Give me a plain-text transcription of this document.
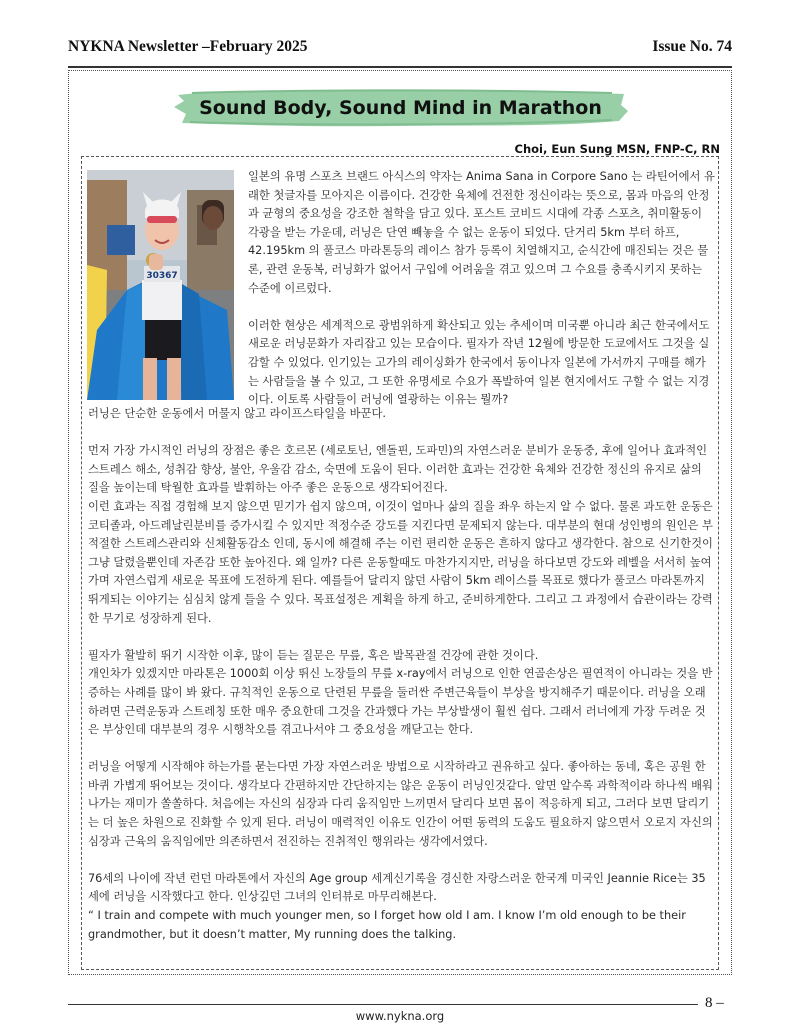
NYKNA Newsletter –February 2025	Issue No. 74
Sound Body, Sound Mind in Marathon
Choi, Eun Sung MSN, FNP-C, RN
30367

일본의 유명 스포츠 브랜드 아식스의 약자는 Anima Sana in Corpore Sano 는 라틴어에서 유래한 첫글자를 모아지은 이름이다. 건강한 육체에 건전한 정신이라는 뜻으로, 몸과 마음의 안정과 균형의 중요성을 강조한 철학을 담고 있다. 포스트 코비드 시대에 각종 스포츠, 취미활동이 각광을 받는 가운데, 러닝은 단연 빼놓을 수 없는 운동이 되었다. 단거리 5km 부터 하프, 42.195km 의 풀코스 마라톤등의 레이스 참가 등록이 치열해지고, 순식간에 매진되는 것은 물론, 관련 운동복, 러닝화가 없어서 구입에 어려움을 겪고 있으며 그 수요를 충족시키지 못하는 수준에 이르렀다.

이러한 현상은 세계적으로 광범위하게 확산되고 있는 추세이며 미국뿐 아니라 최근 한국에서도 새로운 러닝문화가 자리잡고 있는 모습이다. 필자가 작년 12월에 방문한 도쿄에서도 그것을 실감할 수 있었다. 인기있는 고가의 레이싱화가 한국에서 동이나자 일본에 가서까지 구매를 해가는 사람들을 볼 수 있고, 그 또한 유명세로 수요가 폭발하여 일본 현지에서도 구할 수 없는 지경이다. 이토록 사람들이 러닝에 열광하는 이유는 뭘까?

러닝은 단순한 운동에서 머물지 않고 라이프스타일을 바꾼다.

먼저 가장 가시적인 러닝의 장점은 좋은 호르몬 (세로토닌, 엔돌핀, 도파민)의 자연스러운 분비가 운동중, 후에 일어나 효과적인 스트레스 해소, 성취감 향상, 불안, 우울감 감소, 숙면에 도움이 된다. 이러한 효과는 건강한 육체와 건강한 정신의 유지로 삶의 질을 높이는데 탁월한 효과를 발휘하는 아주 좋은 운동으로 생각되어진다.

이런 효과는 직접 경험해 보지 않으면 믿기가 쉽지 않으며, 이것이 얼마나 삶의 질을 좌우 하는지 알 수 없다. 물론 과도한 운동은 코티졸과, 아드레날린분비를 증가시킬 수 있지만 적정수준 강도를 지킨다면 문제되지 않는다. 대부분의 현대 성인병의 원인은 부적절한 스트레스관리와 신체활동감소 인데, 동시에 해결해 주는 이런 편리한 운동은 흔하지 않다고 생각한다. 참으로 신기한것이 그냥 달렸을뿐인데 자존감 또한 높아진다. 왜 일까? 다른 운동할때도 마찬가지지만, 러닝을 하다보면 강도와 레벨을 서서히 높여가며 자연스럽게 새로운 목표에 도전하게 된다. 예를들어 달리지 않던 사람이 5km 레이스를 목표로 했다가 풀코스 마라톤까지 뛰게되는 이야기는 심심치 않게 들을 수 있다. 목표설정은 계획을 하게 하고, 준비하게한다. 그리고 그 과정에서 습관이라는 강력한 무기로 성장하게 된다.

필자가 활발히 뛰기 시작한 이후, 많이 듣는 질문은 무릎, 혹은 발목관절 건강에 관한 것이다.

개인차가 있겠지만 마라톤은 1000회 이상 뛰신 노장들의 무릎 x-ray에서 러닝으로 인한 연골손상은 필연적이 아니라는 것을 반증하는 사례를 많이 봐 왔다. 규칙적인 운동으로 단련된 무릎을 둘러싼 주변근육들이 부상을 방지해주기 때문이다. 러닝을 오래 하려면 근력운동과 스트레칭 또한 매우 중요한데 그것을 간과했다 가는 부상발생이 훨씬 쉽다. 그래서 러너에게 가장 두려운 것은 부상인데 대부분의 경우 시행착오를 겪고나서야 그 중요성을 깨닫고는 한다.

러닝을 어떻게 시작해야 하는가를 묻는다면 가장 자연스러운 방법으로 시작하라고 권유하고 싶다. 좋아하는 동네, 혹은 공원 한바퀴 가볍게 뛰어보는 것이다. 생각보다 간편하지만 간단하지는 않은 운동이 러닝인것같다. 알면 알수록 과학적이라 하나씩 배워나가는 재미가 쏠쏠하다. 처음에는 자신의 심장과 다리 움직임만 느끼면서 달리다 보면 몸이 적응하게 되고, 그러다 보면 달리기는 더 높은 차원으로 진화할 수 있게 된다. 러닝이 매력적인 이유도 인간이 어떤 동력의 도움도 필요하지 않으면서 오로지 자신의 심장과 근육의 움직임에만 의존하면서 전진하는 진취적인 행위라는 생각에서였다.

76세의 나이에 작년 런던 마라톤에서 자신의 Age group 세계신기록을 경신한 자랑스러운 한국계 미국인 Jeannie Rice는 35세에 러닝을 시작했다고 한다. 인상깊던 그녀의 인터뷰로 마무리해본다.

“ I train and compete with much younger men, so I forget how old I am. I know I’m old enough to be their grandmother, but it doesn’t matter, My running does the talking.

8 –
www.nykna.org
